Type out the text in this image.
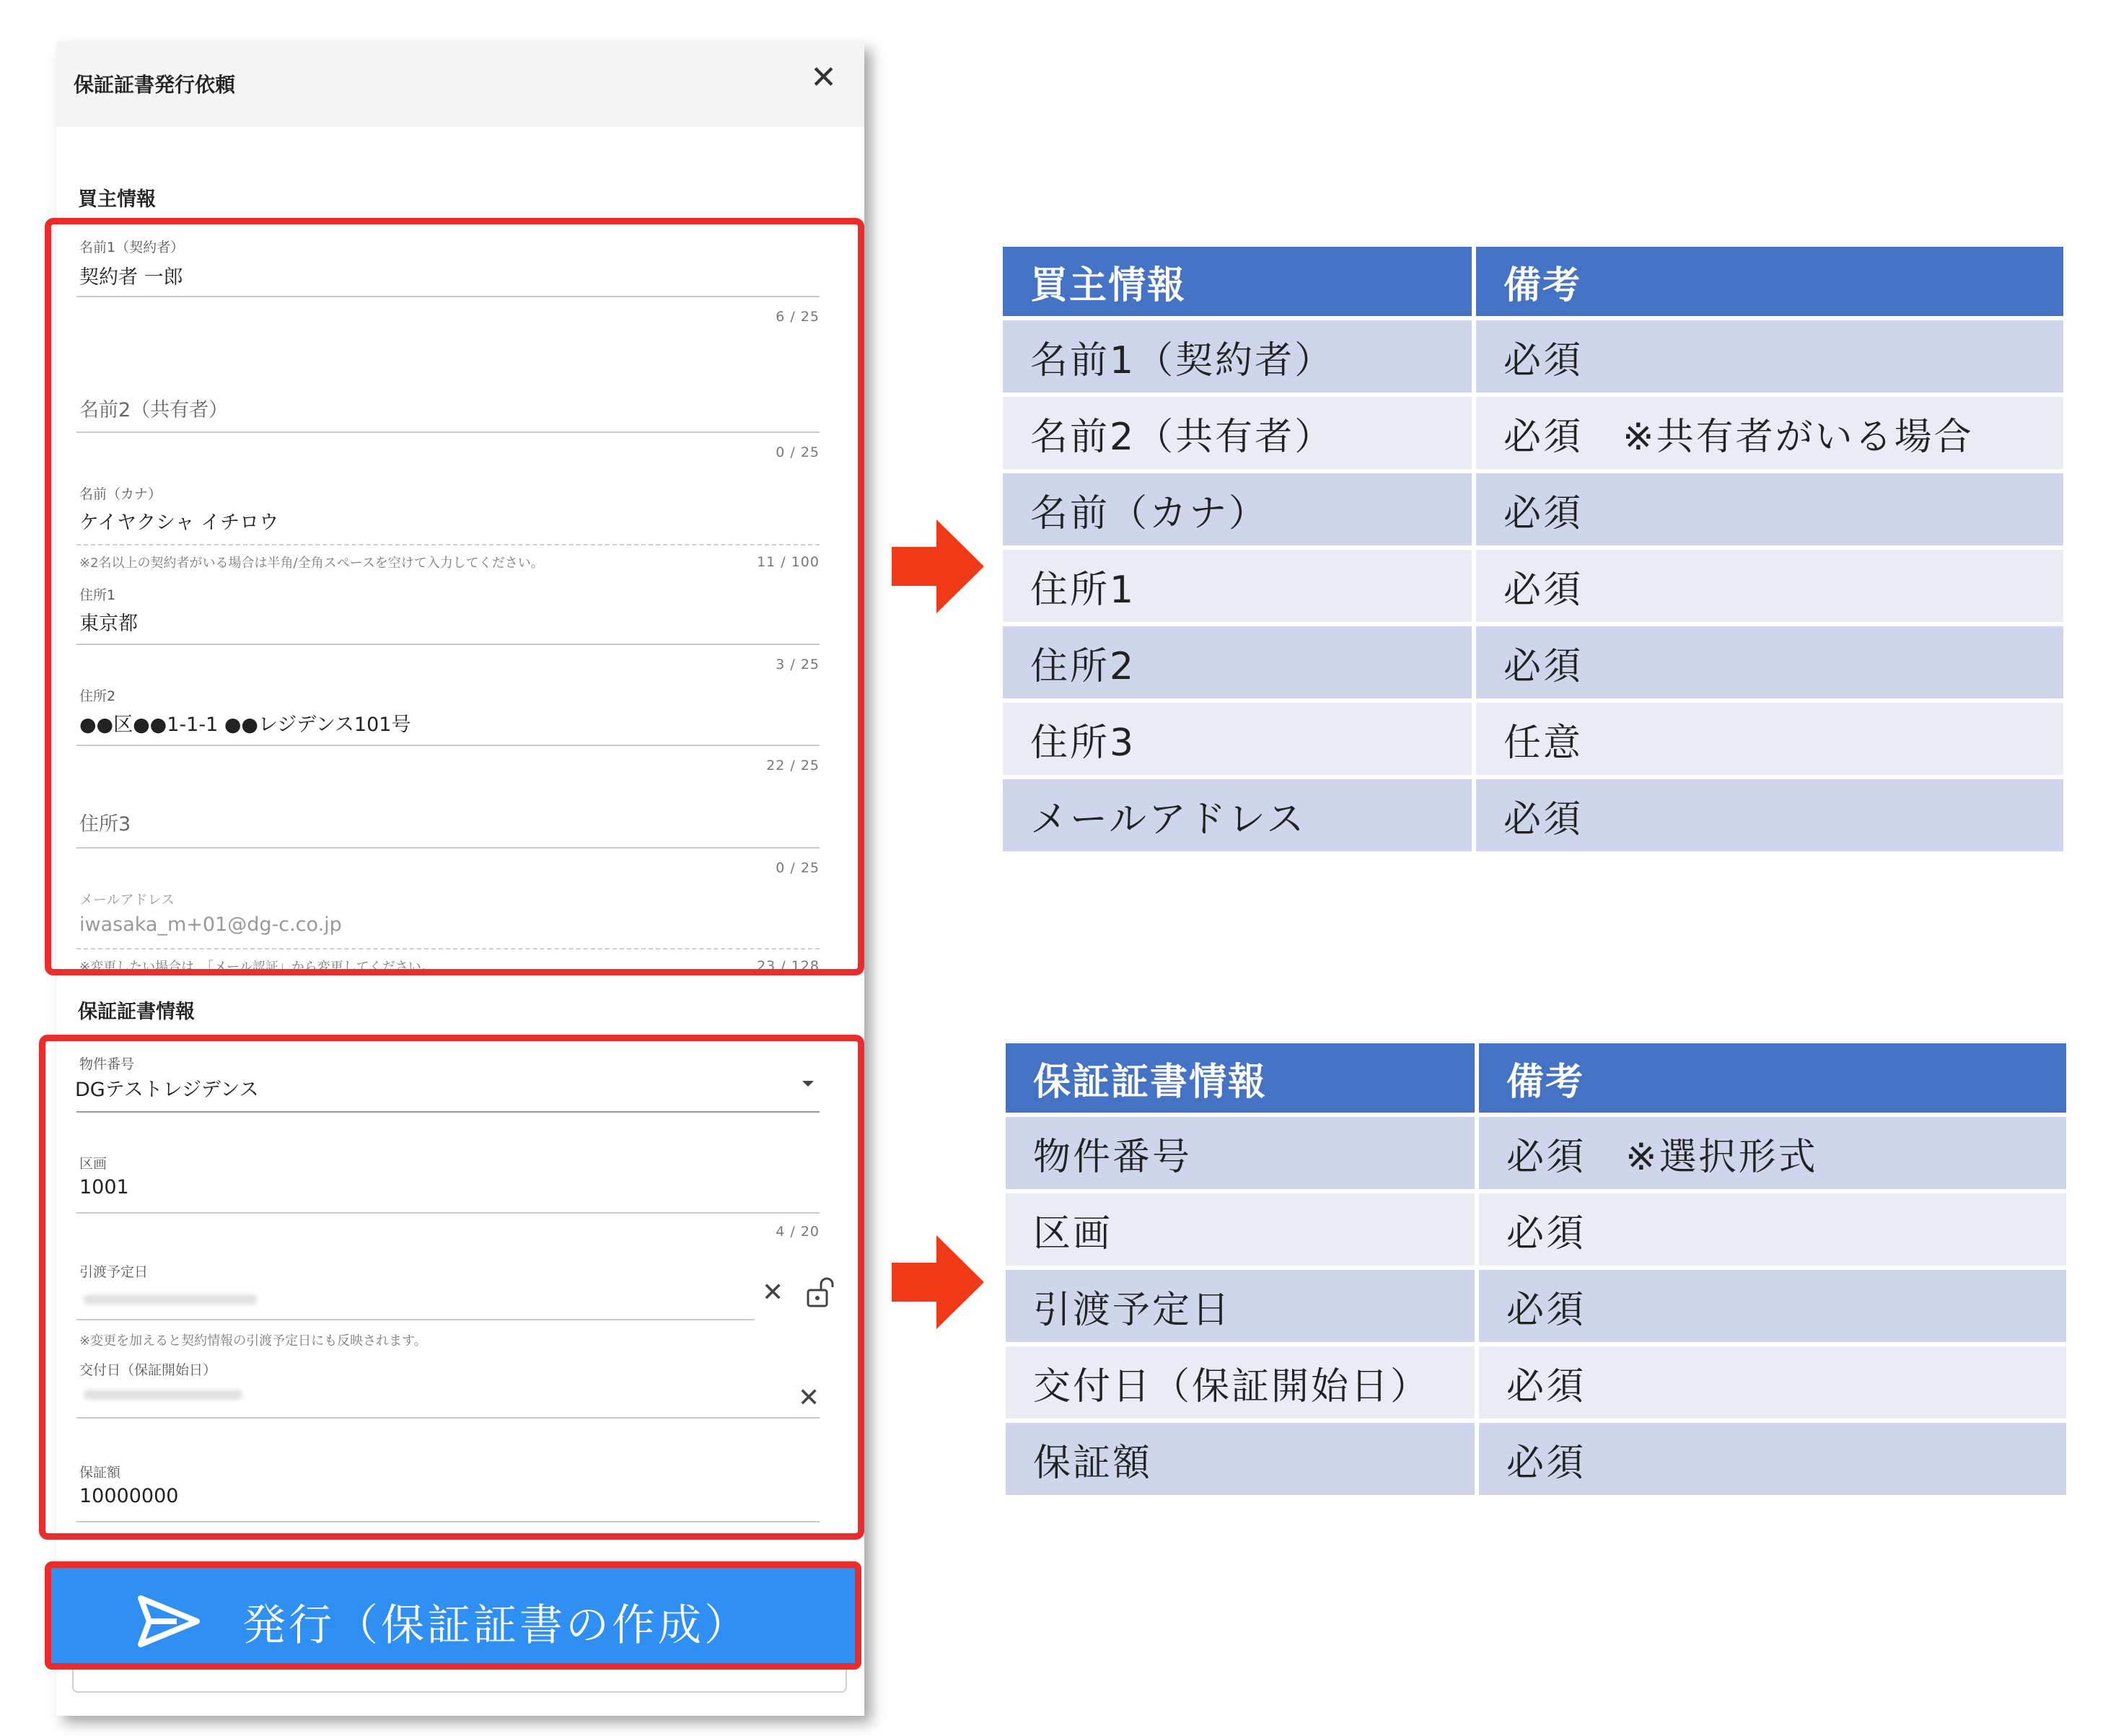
保証証書発行依頼	✕
買主情報
名前1（契約者）
契約者 一郎
6 / 25
名前2（共有者）
0 / 25
名前（カナ）
ケイヤクシャ イチロウ
※2名以上の契約者がいる場合は半角/全角スペースを空けて入力してください。	11 / 100
住所1
東京都
3 / 25
住所2
●●区●●1-1-1 ●●レジデンス101号
22 / 25
住所3
0 / 25
メールアドレス
iwasaka_m+01@dg-c.co.jp
※変更したい場合は、「メール認証」から変更してください。	23 / 128
保証証書情報
物件番号
DGテストレジデンス
区画
1001
4 / 20
引渡予定日
✕
※変更を加えると契約情報の引渡予定日にも反映されます。
交付日（保証開始日）
✕
保証額
10000000
発行（保証証書の作成）
買主情報	備考
名前1（契約者）	必須
名前2（共有者）	必須　※共有者がいる場合
名前（カナ）	必須
住所1	必須
住所2	必須
住所3	任意
メールアドレス	必須
保証証書情報	備考
物件番号	必須　※選択形式
区画	必須
引渡予定日	必須
交付日（保証開始日）	必須
保証額	必須
